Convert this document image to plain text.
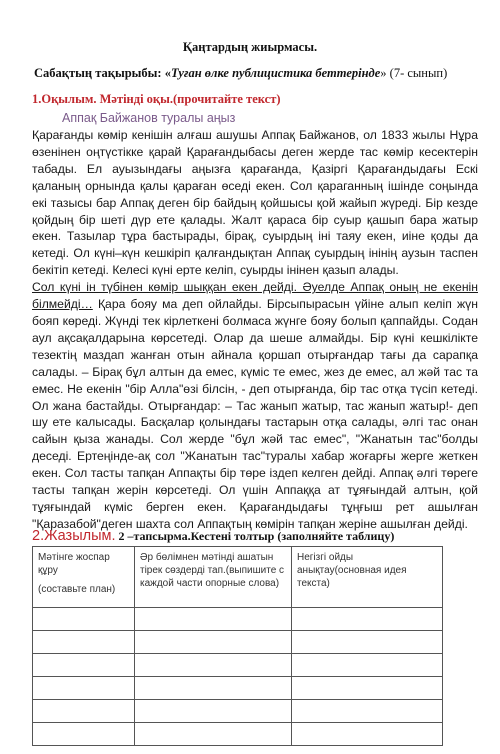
Қаңтардың жиырмасы.
Сабақтың тақырыбы: «Туған өлке публицистика беттерінде» (7- сынып)
1.Оқылым. Мәтінді оқы.(прочитайте текст)
Аппақ Байжанов туралы аңыз

Қарағанды көмір кенішін алғаш ашушы Аппақ Байжанов, ол 1833 жылы Нұра өзенінен оңтүстікке қарай Қарағандыбасы деген жерде тас көмір кесектерін табады. Ел ауызындағы аңызға қарағанда, Қазіргі Қарағандыдағы Ескі қаланың орнында қалы қараған өседі екен. Сол қараганның ішінде соңында екі тазысы бар Аппақ деген бір байдың қойшысы қой жайып жүреді. Бір кезде қойдың бір шеті дүр ете қалады. Жалт қараса бір суыр қашып бара жатыр екен. Тазылар тұра бастырады, бірақ, суырдың іні таяу екен, иіне қоды да кетеді. Ол күні–күн кешкіріп қалғандықтан Аппақ суырдың інінің аузын таспен бекітіп кетеді. Келесі күні ерте келіп, суырды інінен қазып алады.

Сол күні ін түбінен көмір шыққан екен дейді. Әуелде Аппақ оның не екенін білмейді… Қара бояу ма деп ойлайды. Бірсыпырасын үйіне алып келіп жүн бояп көреді. Жүнді тек кірлеткені болмаса жүнге бояу болып қаппайды. Содан аул ақсақалдарына көрсетеді. Олар да шеше алмайды. Бір күні кешкілікте тезектің маздап жанған отын айнала қоршап отырғандар тағы да сарапқа салады. – Бірақ бұл алтын да емес, күміс те емес, жез де емес, ал жәй тас та емес. Не екенін "бір Алла"өзі білсін, - деп отырғанда, бір тас отқа түсіп кетеді. Ол жана бастайды. Отырғандар: – Тас жанып жатыр, тас жанып жатыр!- деп шу ете калысады. Басқалар қолындағы тастарын отқа салады, әлгі тас онан сайын қыза жанады. Сол жерде "бұл жәй тас емес", "Жанатын тас"болды деседі. Ертеңінде-ақ сол "Жанатын тас"туралы хабар жоғарғы жерге жеткен екен. Сол тасты тапқан Аппақты бір төре іздеп келген дейді. Аппақ әлгі төреге тасты тапқан жерін көрсетеді. Ол үшін Аппаққа ат тұяғындай алтын, қой тұяғындай күміс берген екен. Қарағандыдағы тұңғыш рет ашылған "Қаразабой"деген шахта сол Аппақтың көмірін тапқан жеріне ашылған дейді.

2.Жазылым. 2 –тапсырма.Кестені толтыр (заполняйте таблицу)
Мәтінге жоспар құру
(составьте план)	Әр бөлімнен мәтінді ашатын тірек сөздерді тап.(выпишите с каждой части опорные слова)	Негізгі ойды анықтау(основная идея текста)
